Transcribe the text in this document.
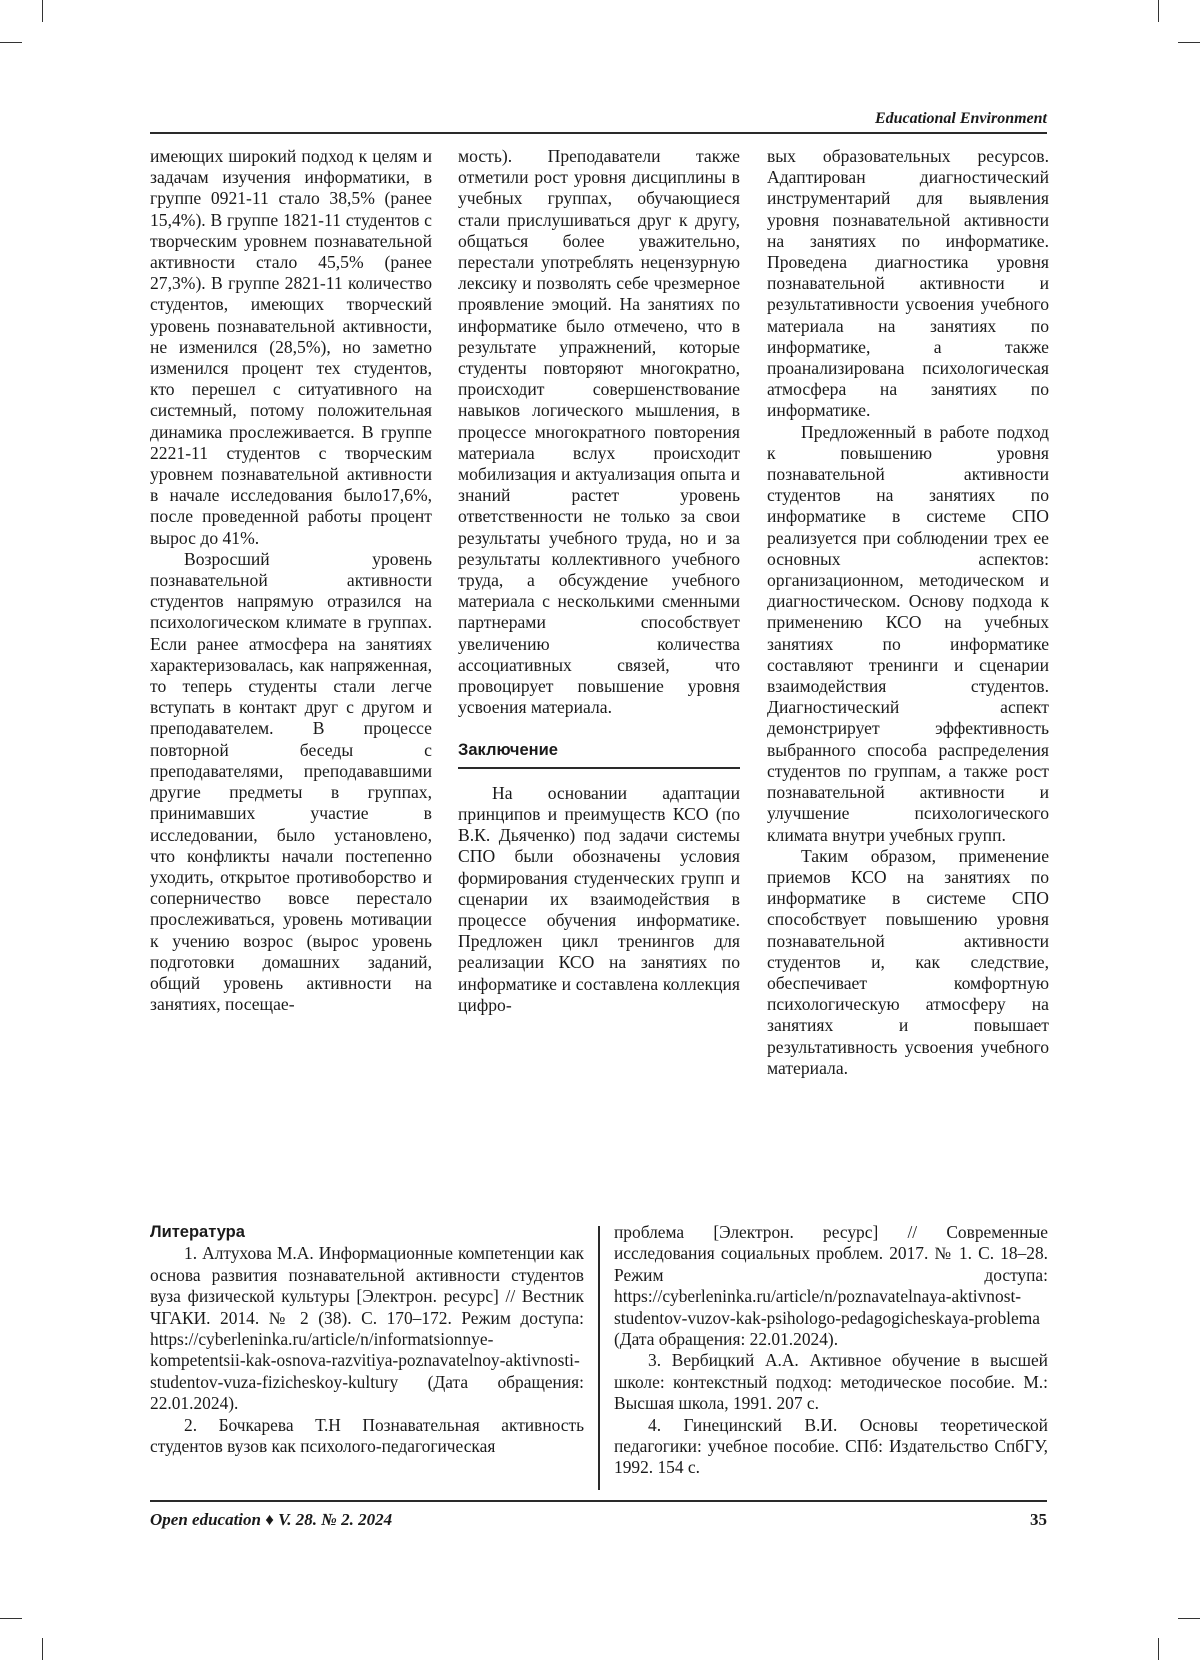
Educational Environment

имеющих широкий подход к целям и задачам изучения информатики, в группе 0921-11 стало 38,5% (ранее 15,4%). В группе 1821-11 студентов с творческим уровнем познавательной активности стало 45,5% (ранее 27,3%). В группе 2821-11 количество студентов, имеющих творческий уровень познавательной активности, не изменился (28,5%), но заметно изменился процент тех студентов, кто перешел с ситуативного на системный, потому положительная динамика прослеживается. В группе 2221-11 студентов с творческим уровнем познавательной активности в начале исследования было17,6%, после проведенной работы процент вырос до 41%.

Возросший уровень познавательной активности студентов напрямую отразился на психологическом климате в группах. Если ранее атмосфера на занятиях характеризовалась, как напряженная, то теперь студенты стали легче вступать в контакт друг с другом и преподавателем. В процессе повторной беседы с преподавателями, преподававшими другие предметы в группах, принимавших участие в исследовании, было установлено, что конфликты начали постепенно уходить, открытое противоборство и соперничество вовсе перестало прослеживаться, уровень мотивации к учению возрос (вырос уровень подготовки домашних заданий, общий уровень активности на занятиях, посещае-

мость). Преподаватели также отметили рост уровня дисциплины в учебных группах, обучающиеся стали прислушиваться друг к другу, общаться более уважительно, перестали употреблять нецензурную лексику и позволять себе чрезмерное проявление эмоций. На занятиях по информатике было отмечено, что в результате упражнений, которые студенты повторяют многократно, происходит совершенствование навыков логического мышления, в процессе многократного повторения материала вслух происходит мобилизация и актуализация опыта и знаний растет уровень ответственности не только за свои результаты учебного труда, но и за результаты коллективного учебного труда, а обсуждение учебного материала с несколькими сменными партнерами способствует увеличению количества ассоциативных связей, что провоцирует повышение уровня усвоения материала.

Заключение

На основании адаптации принципов и преимуществ КСО (по В.К. Дьяченко) под задачи системы СПО были обозначены условия формирования студенческих групп и сценарии их взаимодействия в процессе обучения информатике. Предложен цикл тренингов для реализации КСО на занятиях по информатике и составлена коллекция цифро-

вых образовательных ресурсов. Адаптирован диагностический инструментарий для выявления уровня познавательной активности на занятиях по информатике. Проведена диагностика уровня познавательной активности и результативности усвоения учебного материала на занятиях по информатике, а также проанализирована психологическая атмосфера на занятиях по информатике.

Предложенный в работе подход к повышению уровня познавательной активности студентов на занятиях по информатике в системе СПО реализуется при соблюдении трех ее основных аспектов: организационном, методическом и диагностическом. Основу подхода к применению КСО на учебных занятиях по информатике составляют тренинги и сценарии взаимодействия студентов. Диагностический аспект демонстрирует эффективность выбранного способа распределения студентов по группам, а также рост познавательной активности и улучшение психологического климата внутри учебных групп.

Таким образом, применение приемов КСО на занятиях по информатике в системе СПО способствует повышению уровня познавательной активности студентов и, как следствие, обеспечивает комфортную психологическую атмосферу на занятиях и повышает результативность усвоения учебного материала.

Литература

1. Алтухова М.А. Информационные компетенции как основа развития познавательной активности студентов вуза физической культуры [Электрон. ресурс] // Вестник ЧГАКИ. 2014. № 2 (38). С. 170–172. Режим доступа: https://cyberleninka.ru/article/n/informatsionnye-kompetentsii-kak-osnova-razvitiya-poznavatelnoy-aktivnosti-studentov-vuza-fizicheskoy-kultury (Дата обращения: 22.01.2024).

2. Бочкарева Т.Н Познавательная активность студентов вузов как психолого-педагогическая

проблема [Электрон. ресурс] // Современные исследования социальных проблем. 2017. № 1. С. 18–28. Режим доступа: https://cyberleninka.ru/article/n/poznavatelnaya-aktivnost-studentov-vuzov-kak-psihologo-pedagogicheskaya-problema (Дата обращения: 22.01.2024).

3. Вербицкий А.А. Активное обучение в высшей школе: контекстный подход: методическое пособие. М.: Высшая школа, 1991. 207 с.

4. Гинецинский В.И. Основы теоретической педагогики: учебное пособие. СПб: Издательство СпбГУ, 1992. 154 с.

Open education ♦ V. 28. № 2. 2024	35
